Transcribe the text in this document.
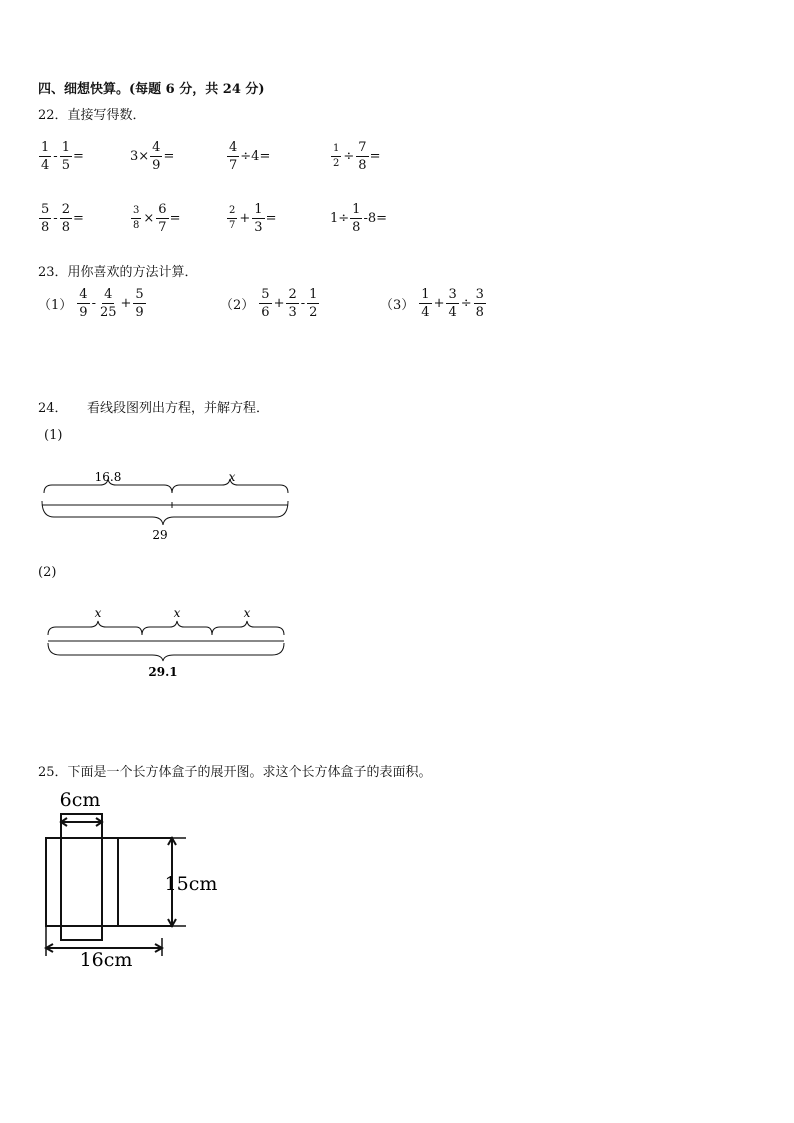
四、细想快算。(每题 6 分，共 24 分)
22．直接写得数．
$\frac{1}{4} - \frac{1}{5}$ =	$3\times \frac{4}{9}$ =	$\frac{4}{7} \div 4=$	$\frac{1}{2} \div \frac{7}{8}$ =
$\frac{5}{8} - \frac{2}{8}$ =	$\frac{3}{8} \times \frac{6}{7}$ =	$\frac{2}{7} + \frac{1}{3}$ =	$1\div \frac{1}{8} -8=$
23．用你喜欢的方法计算．
$(1) \frac{4}{9} - \frac{4}{25} + \frac{5}{9}$	$(2) \frac{5}{6} + \frac{2}{3} - \frac{1}{2}$	$(3) \frac{1}{4} + \frac{3}{4} \div \frac{3}{8}$
24．　　看线段图列出方程，并解方程．
(1)
16.8	x
29
(2)
x	x	x
29.1
25．下面是一个长方体盒子的展开图。求这个长方体盒子的表面积。
6cm
15cm
16cm
